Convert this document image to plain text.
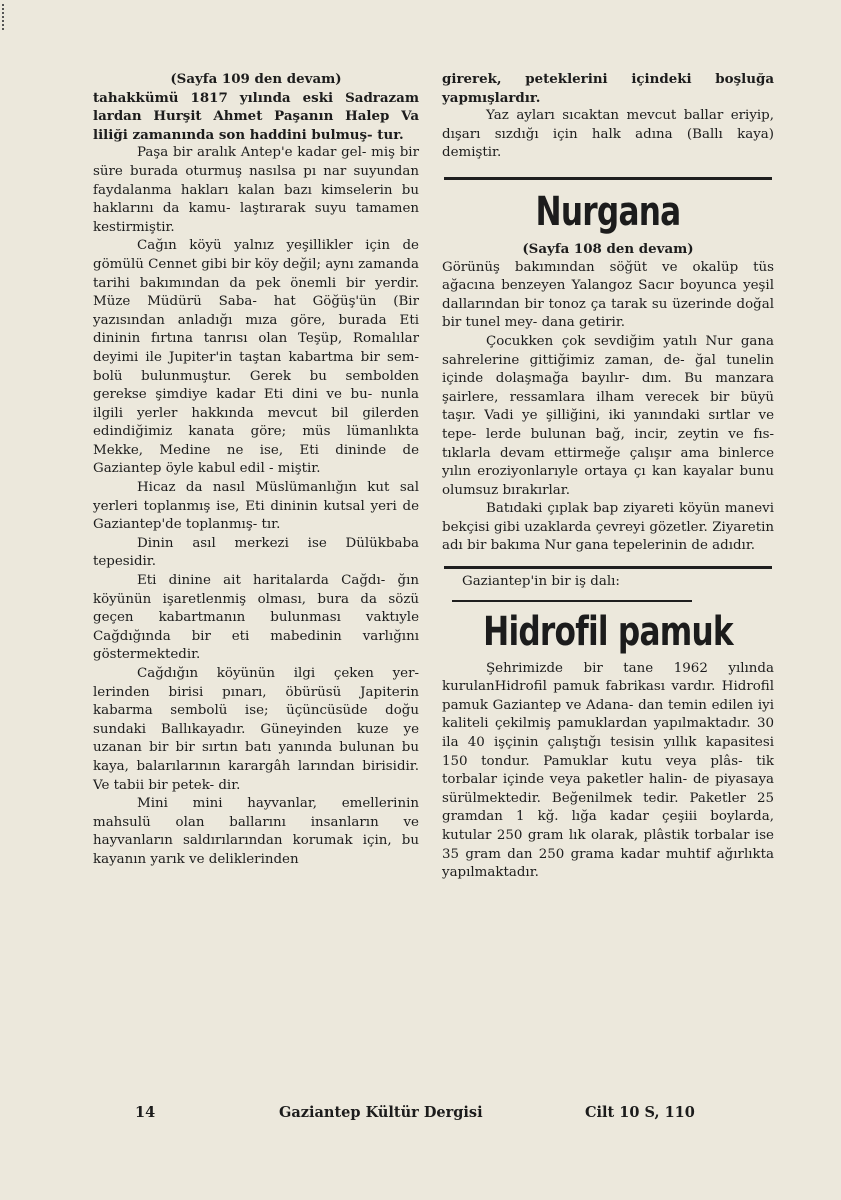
(Sayfa 109 den devam)

tahakkümü 1817 yılında eski Sadrazam lardan Hurşit Ahmet Paşanın Halep Va liliği zamanında son haddini bulmuş- tur.

Paşa bir aralık Antep'e kadar gel- miş bir süre burada oturmuş nasılsa pı nar suyundan faydalanma hakları kalan bazı kimselerin bu haklarını da kamu- laştırarak suyu tamamen kestirmiştir.

Cağın köyü yalnız yeşillikler için de gömülü Cennet gibi bir köy değil; aynı zamanda tarihi bakımından da pek önemli bir yerdir. Müze Müdürü Saba- hat Göğüş'ün (Bir yazısından anladığı mıza göre, burada Eti dininin fırtına tanrısı olan Teşüp, Romalılar deyimi ile Jupiter'in taştan kabartma bir sem- bolü bulunmuştur. Gerek bu sembolden gerekse şimdiye kadar Eti dini ve bu- nunla ilgili yerler hakkında mevcut bil gilerden edindiğimiz kanata göre; müs lümanlıkta Mekke, Medine ne ise, Eti dininde de Gaziantep öyle kabul edil - miştir.

Hicaz da nasıl Müslümanlığın kut sal yerleri toplanmış ise, Eti dininin kutsal yeri de Gaziantep'de toplanmış- tır.

Dinin asıl merkezi ise Dülükbaba tepesidir.

Eti dinine ait haritalarda Cağdı- ğın köyünün işaretlenmiş olması, bura da sözü geçen kabartmanın bulunması vaktıyle Cağdığında bir eti mabedinin varlığını göstermektedir.

Cağdığın köyünün ilgi çeken yer- lerinden birisi pınarı, öbürüsü Japiterin kabarma sembolü ise; üçüncüsüde doğu sundaki Ballıkayadır. Güneyinden kuze ye uzanan bir bir sırtın batı yanında bulunan bu kaya, balarılarının karargâh larından birisidir. Ve tabii bir petek- dir.

Mini mini hayvanlar, emellerinin mahsulü olan ballarını insanların ve hayvanların saldırılarından korumak için, bu kayanın yarık ve deliklerinden

girerek, peteklerini içindeki boşluğa yapmışlardır.

Yaz ayları sıcaktan mevcut ballar eriyip, dışarı sızdığı için halk adına (Ballı kaya) demiştir.

Nurgana

(Sayfa 108 den devam)

Görünüş bakımından söğüt ve okalüp tüs ağacına benzeyen Yalangoz Sacır boyunca yeşil dallarından bir tonoz ça tarak su üzerinde doğal bir tunel mey- dana getirir.

Çocukken çok sevdiğim yatılı Nur gana sahrelerine gittiğimiz zaman, de- ğal tunelin içinde dolaşmağa bayılır- dım. Bu manzara şairlere, ressamlara ilham verecek bir büyü taşır. Vadi ye şilliğini, iki yanındaki sırtlar ve tepe- lerde bulunan bağ, incir, zeytin ve fıs- tıklarla devam ettirmeğe çalışır ama binlerce yılın eroziyonlarıyle ortaya çı kan kayalar bunu olumsuz bırakırlar.

Batıdaki çıplak bap ziyareti köyün manevi bekçisi gibi uzaklarda çevreyi gözetler. Ziyaretin adı bir bakıma Nur gana tepelerinin de adıdır.

Gaziantep'in bir iş dalı:

Hidrofil pamuk

Şehrimizde bir tane 1962 yılında kurulanHidrofil pamuk fabrikası vardır. Hidrofil pamuk Gaziantep ve Adana- dan temin edilen iyi kaliteli çekilmiş pamuklardan yapılmaktadır. 30 ila 40 işçinin çalıştığı tesisin yıllık kapasitesi 150 tondur. Pamuklar kutu veya plâs- tik torbalar içinde veya paketler halin- de piyasaya sürülmektedir. Beğenilmek tedir. Paketler 25 gramdan 1 kğ. lığa kadar çeşiii boylarda, kutular 250 gram lık olarak, plâstik torbalar ise 35 gram dan 250 grama kadar muhtif ağırlıkta yapılmaktadır.

14	Gaziantep Kültür Dergisi	Cilt 10 S, 110
